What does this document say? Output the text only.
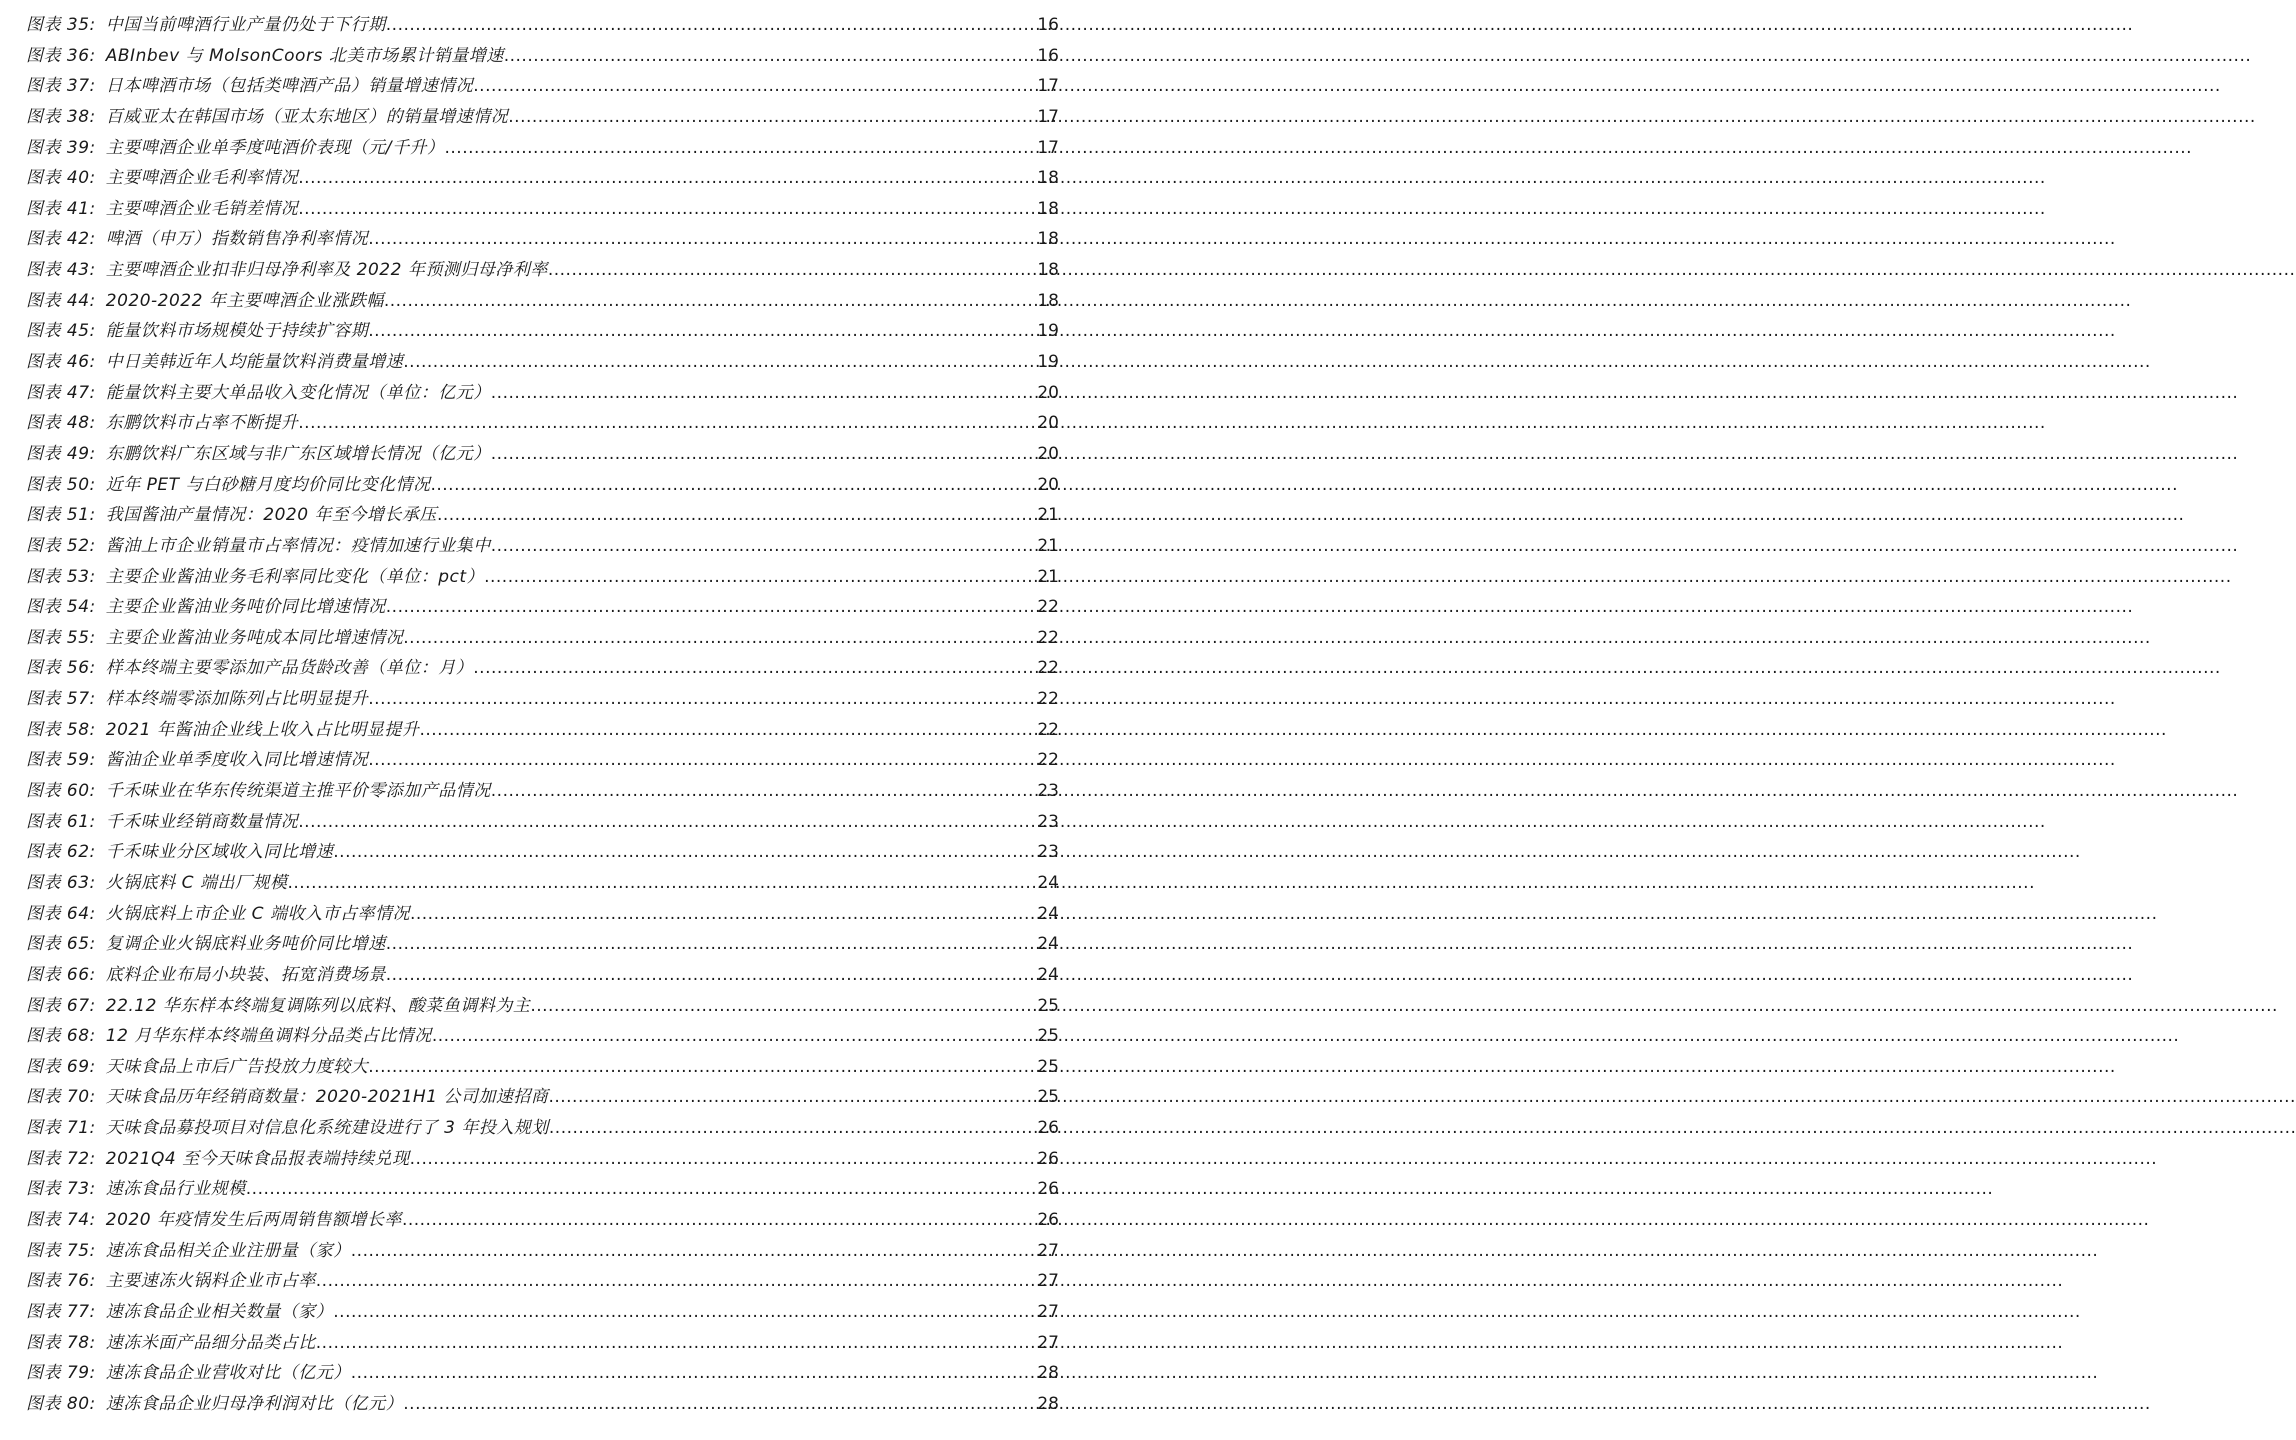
图表 35: 中国当前啤酒行业产量仍处于下行期 .....	16
图表 36: ABInbev 与 MolsonCoors 北美市场累计销量增速 .....	16
图表 37: 日本啤酒市场（包括类啤酒产品）销量增速情况 .....	17
图表 38: 百威亚太在韩国市场（亚太东地区）的销量增速情况 .....	17
图表 39: 主要啤酒企业单季度吨酒价表现（元/千升） .....	17
图表 40: 主要啤酒企业毛利率情况 .....	18
图表 41: 主要啤酒企业毛销差情况 .....	18
图表 42: 啤酒（申万）指数销售净利率情况 .....	18
图表 43: 主要啤酒企业扣非归母净利率及 2022 年预测归母净利率 .....	18
图表 44: 2020-2022 年主要啤酒企业涨跌幅 .....	18
图表 45: 能量饮料市场规模处于持续扩容期 .....	19
图表 46: 中日美韩近年人均能量饮料消费量增速 .....	19
图表 47: 能量饮料主要大单品收入变化情况（单位：亿元） .....	20
图表 48: 东鹏饮料市占率不断提升 .....	20
图表 49: 东鹏饮料广东区域与非广东区域增长情况（亿元） .....	20
图表 50: 近年 PET 与白砂糖月度均价同比变化情况 .....	20
图表 51: 我国酱油产量情况：2020 年至今增长承压 .....	21
图表 52: 酱油上市企业销量市占率情况：疫情加速行业集中 .....	21
图表 53: 主要企业酱油业务毛利率同比变化（单位：pct） .....	21
图表 54: 主要企业酱油业务吨价同比增速情况 .....	22
图表 55: 主要企业酱油业务吨成本同比增速情况 .....	22
图表 56: 样本终端主要零添加产品货龄改善（单位：月） .....	22
图表 57: 样本终端零添加陈列占比明显提升 .....	22
图表 58: 2021 年酱油企业线上收入占比明显提升 .....	22
图表 59: 酱油企业单季度收入同比增速情况 .....	22
图表 60: 千禾味业在华东传统渠道主推平价零添加产品情况 .....	23
图表 61: 千禾味业经销商数量情况 .....	23
图表 62: 千禾味业分区域收入同比增速 .....	23
图表 63: 火锅底料 C 端出厂规模 .....	24
图表 64: 火锅底料上市企业 C 端收入市占率情况 .....	24
图表 65: 复调企业火锅底料业务吨价同比增速 .....	24
图表 66: 底料企业布局小块装、拓宽消费场景 .....	24
图表 67: 22.12 华东样本终端复调陈列以底料、酸菜鱼调料为主 .....	25
图表 68: 12 月华东样本终端鱼调料分品类占比情况 .....	25
图表 69: 天味食品上市后广告投放力度较大 .....	25
图表 70: 天味食品历年经销商数量：2020-2021H1 公司加速招商 .....	25
图表 71: 天味食品募投项目对信息化系统建设进行了 3 年投入规划 .....	26
图表 72: 2021Q4 至今天味食品报表端持续兑现 .....	26
图表 73: 速冻食品行业规模 .....	26
图表 74: 2020 年疫情发生后两周销售额增长率 .....	26
图表 75: 速冻食品相关企业注册量（家） .....	27
图表 76: 主要速冻火锅料企业市占率 .....	27
图表 77: 速冻食品企业相关数量（家） .....	27
图表 78: 速冻米面产品细分品类占比 .....	27
图表 79: 速冻食品企业营收对比（亿元） .....	28
图表 80: 速冻食品企业归母净利润对比（亿元） .....	28
